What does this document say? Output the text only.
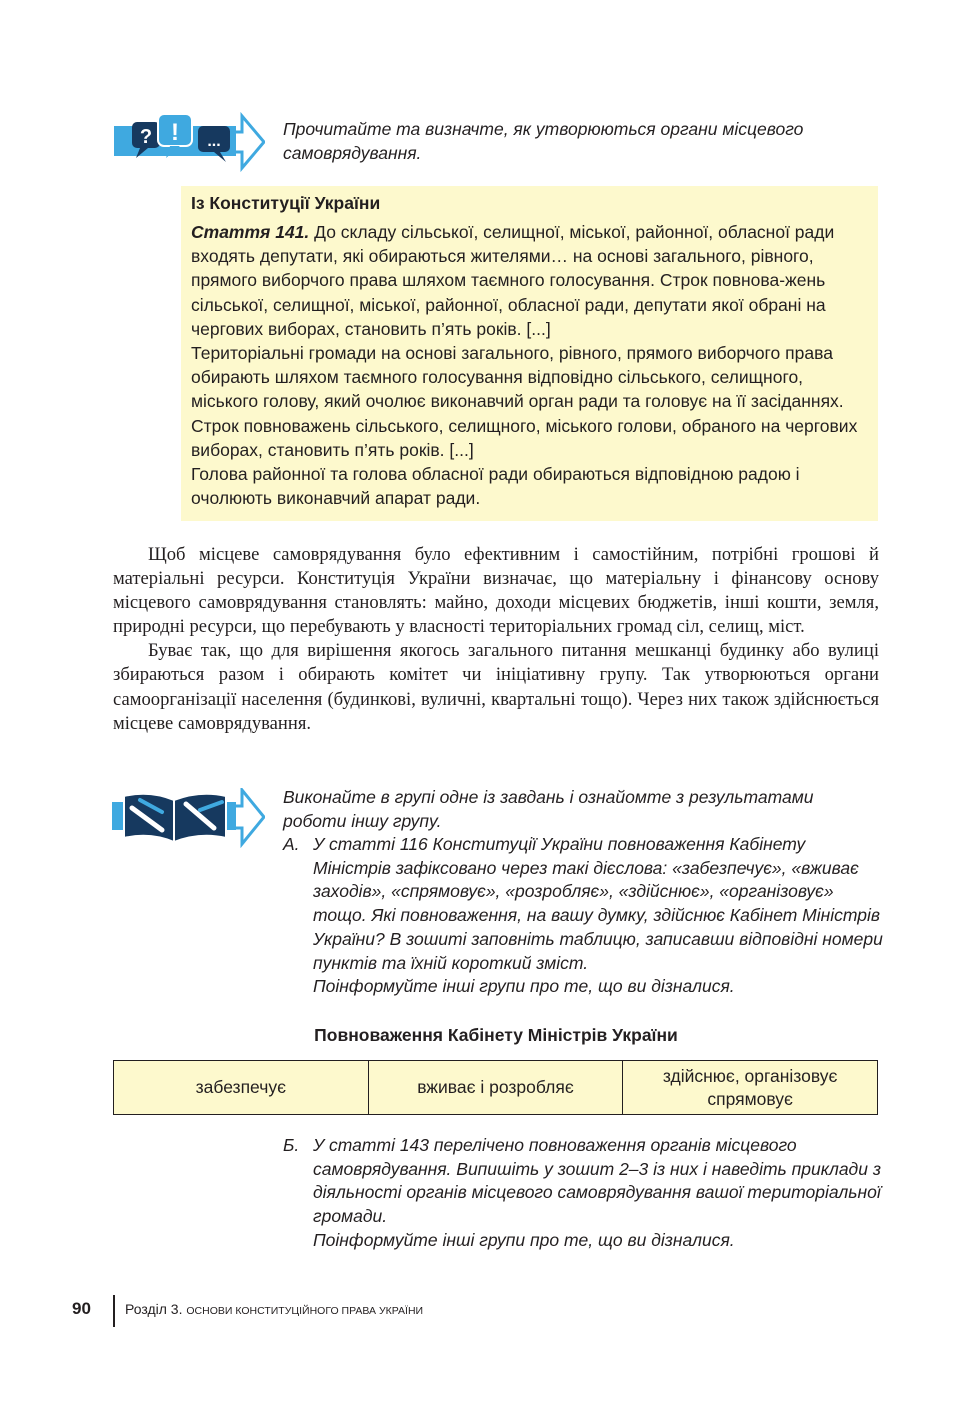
? ! ...
Прочитайте та визначте, як утворюються органи місцевого самоврядування.
Із Конституції України

Стаття 141. До складу сільської, селищної, міської, районної, обласної ради входять депутати, які обираються жителями… на основі загального, рівного, прямого виборчого права шляхом таємного голосування. Строк повнова-жень сільської, селищної, міської, районної, обласної ради, депутати якої обрані на чергових виборах, становить п’ять років. [...]

Територіальні громади на основі загального, рівного, прямого виборчого права обирають шляхом таємного голосування відповідно сільського, селищного, міського голову, який очолює виконавчий орган ради та головує на її засіданнях. Строк повноважень сільського, селищного, міського голови, обраного на чергових виборах, становить п’ять років. [...]

Голова районної та голова обласної ради обираються відповідною радою і очолюють виконавчий апарат ради.

Щоб місцеве самоврядування було ефективним і самостійним, потрібні грошові й матеріальні ресурси. Конституція України визначає, що матеріальну і фінансову основу місцевого самоврядування становлять: майно, доходи місцевих бюджетів, інші кошти, земля, природні ресурси, що перебувають у власності територіальних громад сіл, селищ, міст.

Буває так, що для вирішення якогось загального питання мешканці будинку або вулиці збираються разом і обирають комітет чи ініціативну групу. Так утворюються органи самоорганізації населення (будинкові, вуличні, квартальні тощо). Через них також здійснюється місцеве самоврядування.

Виконайте в групі одне із завдань і ознайомте з результатами роботи іншу групу.
А. У статті 116 Конституції України повноваження Кабінету Міністрів зафіксовано через такі дієслова: «забезпечує», «вживає заходів», «спрямовує», «розробляє», «здійснює», «організовує» тощо. Які повноваження, на вашу думку, здійснює Кабінет Міністрів України? В зошиті заповніть таблицю, записавши відповідні номери пунктів та їхній короткий зміст.

Поінформуйте інші групи про те, що ви дізналися.

Повноваження Кабінету Міністрів України
забезпечує	вживає і розробляє	здійснює, організовує спрямовує
Б. У статті 143 перелічено повноваження органів місцевого самоврядування. Випишіть у зошит 2–3 із них і наведіть приклади з діяльності органів місцевого самоврядування вашої територіальної громади.

Поінформуйте інші групи про те, що ви дізналися.

90 Розділ 3. ОСНОВИ КОНСТИТУЦІЙНОГО ПРАВА УКРАЇНИ
